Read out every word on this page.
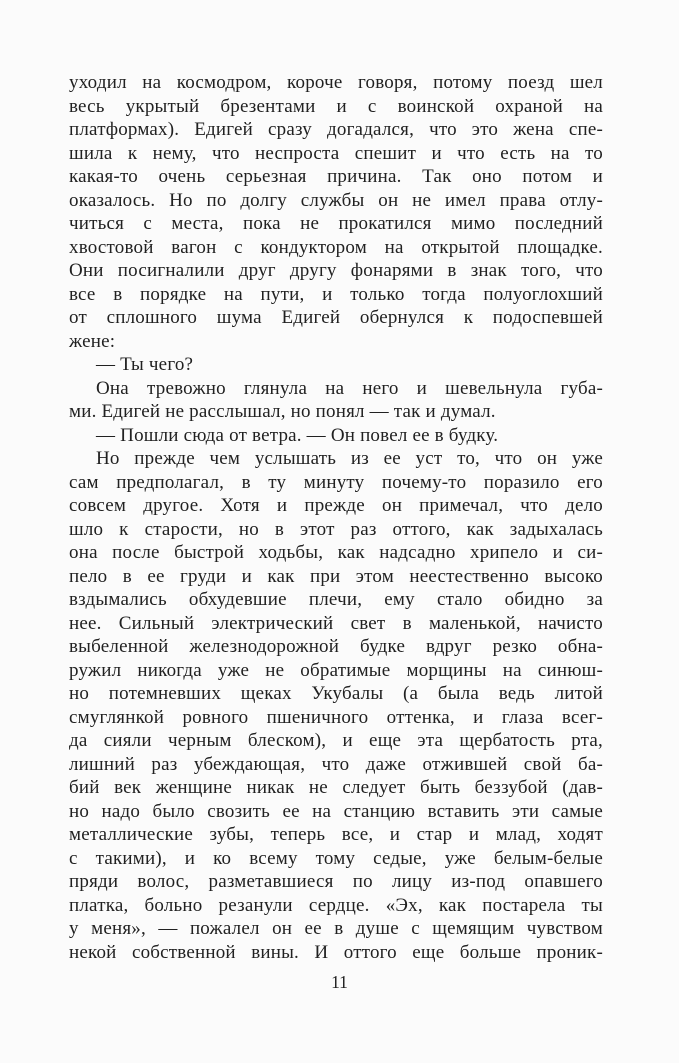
уходил на космодром, короче говоря, потому поезд шел
весь укрытый брезентами и с воинской охраной на
платформах). Едигей сразу догадался, что это жена спе-
шила к нему, что неспроста спешит и что есть на то
какая-то очень серьезная причина. Так оно потом и
оказалось. Но по долгу службы он не имел права отлу-
читься с места, пока не прокатился мимо последний
хвостовой вагон с кондуктором на открытой площадке.
Они посигналили друг другу фонарями в знак того, что
все в порядке на пути, и только тогда полуоглохший
от сплошного шума Едигей обернулся к подоспевшей
жене:
— Ты чего?
Она тревожно глянула на него и шевельнула губа-
ми. Едигей не расслышал, но понял — так и думал.
— Пошли сюда от ветра. — Он повел ее в будку.
Но прежде чем услышать из ее уст то, что он уже
сам предполагал, в ту минуту почему-то поразило его
совсем другое. Хотя и прежде он примечал, что дело
шло к старости, но в этот раз оттого, как задыхалась
она после быстрой ходьбы, как надсадно хрипело и си-
пело в ее груди и как при этом неестественно высоко
вздымались обхудевшие плечи, ему стало обидно за
нее. Сильный электрический свет в маленькой, начисто
выбеленной железнодорожной будке вдруг резко обна-
ружил никогда уже не обратимые морщины на синюш-
но потемневших щеках Укубалы (а была ведь литой
смуглянкой ровного пшеничного оттенка, и глаза всег-
да сияли черным блеском), и еще эта щербатость рта,
лишний раз убеждающая, что даже отжившей свой ба-
бий век женщине никак не следует быть беззубой (дав-
но надо было свозить ее на станцию вставить эти самые
металлические зубы, теперь все, и стар и млад, ходят
с такими), и ко всему тому седые, уже белым-белые
пряди волос, разметавшиеся по лицу из-под опавшего
платка, больно резанули сердце. «Эх, как постарела ты
у меня», — пожалел он ее в душе с щемящим чувством
некой собственной вины. И оттого еще больше проник-
11
